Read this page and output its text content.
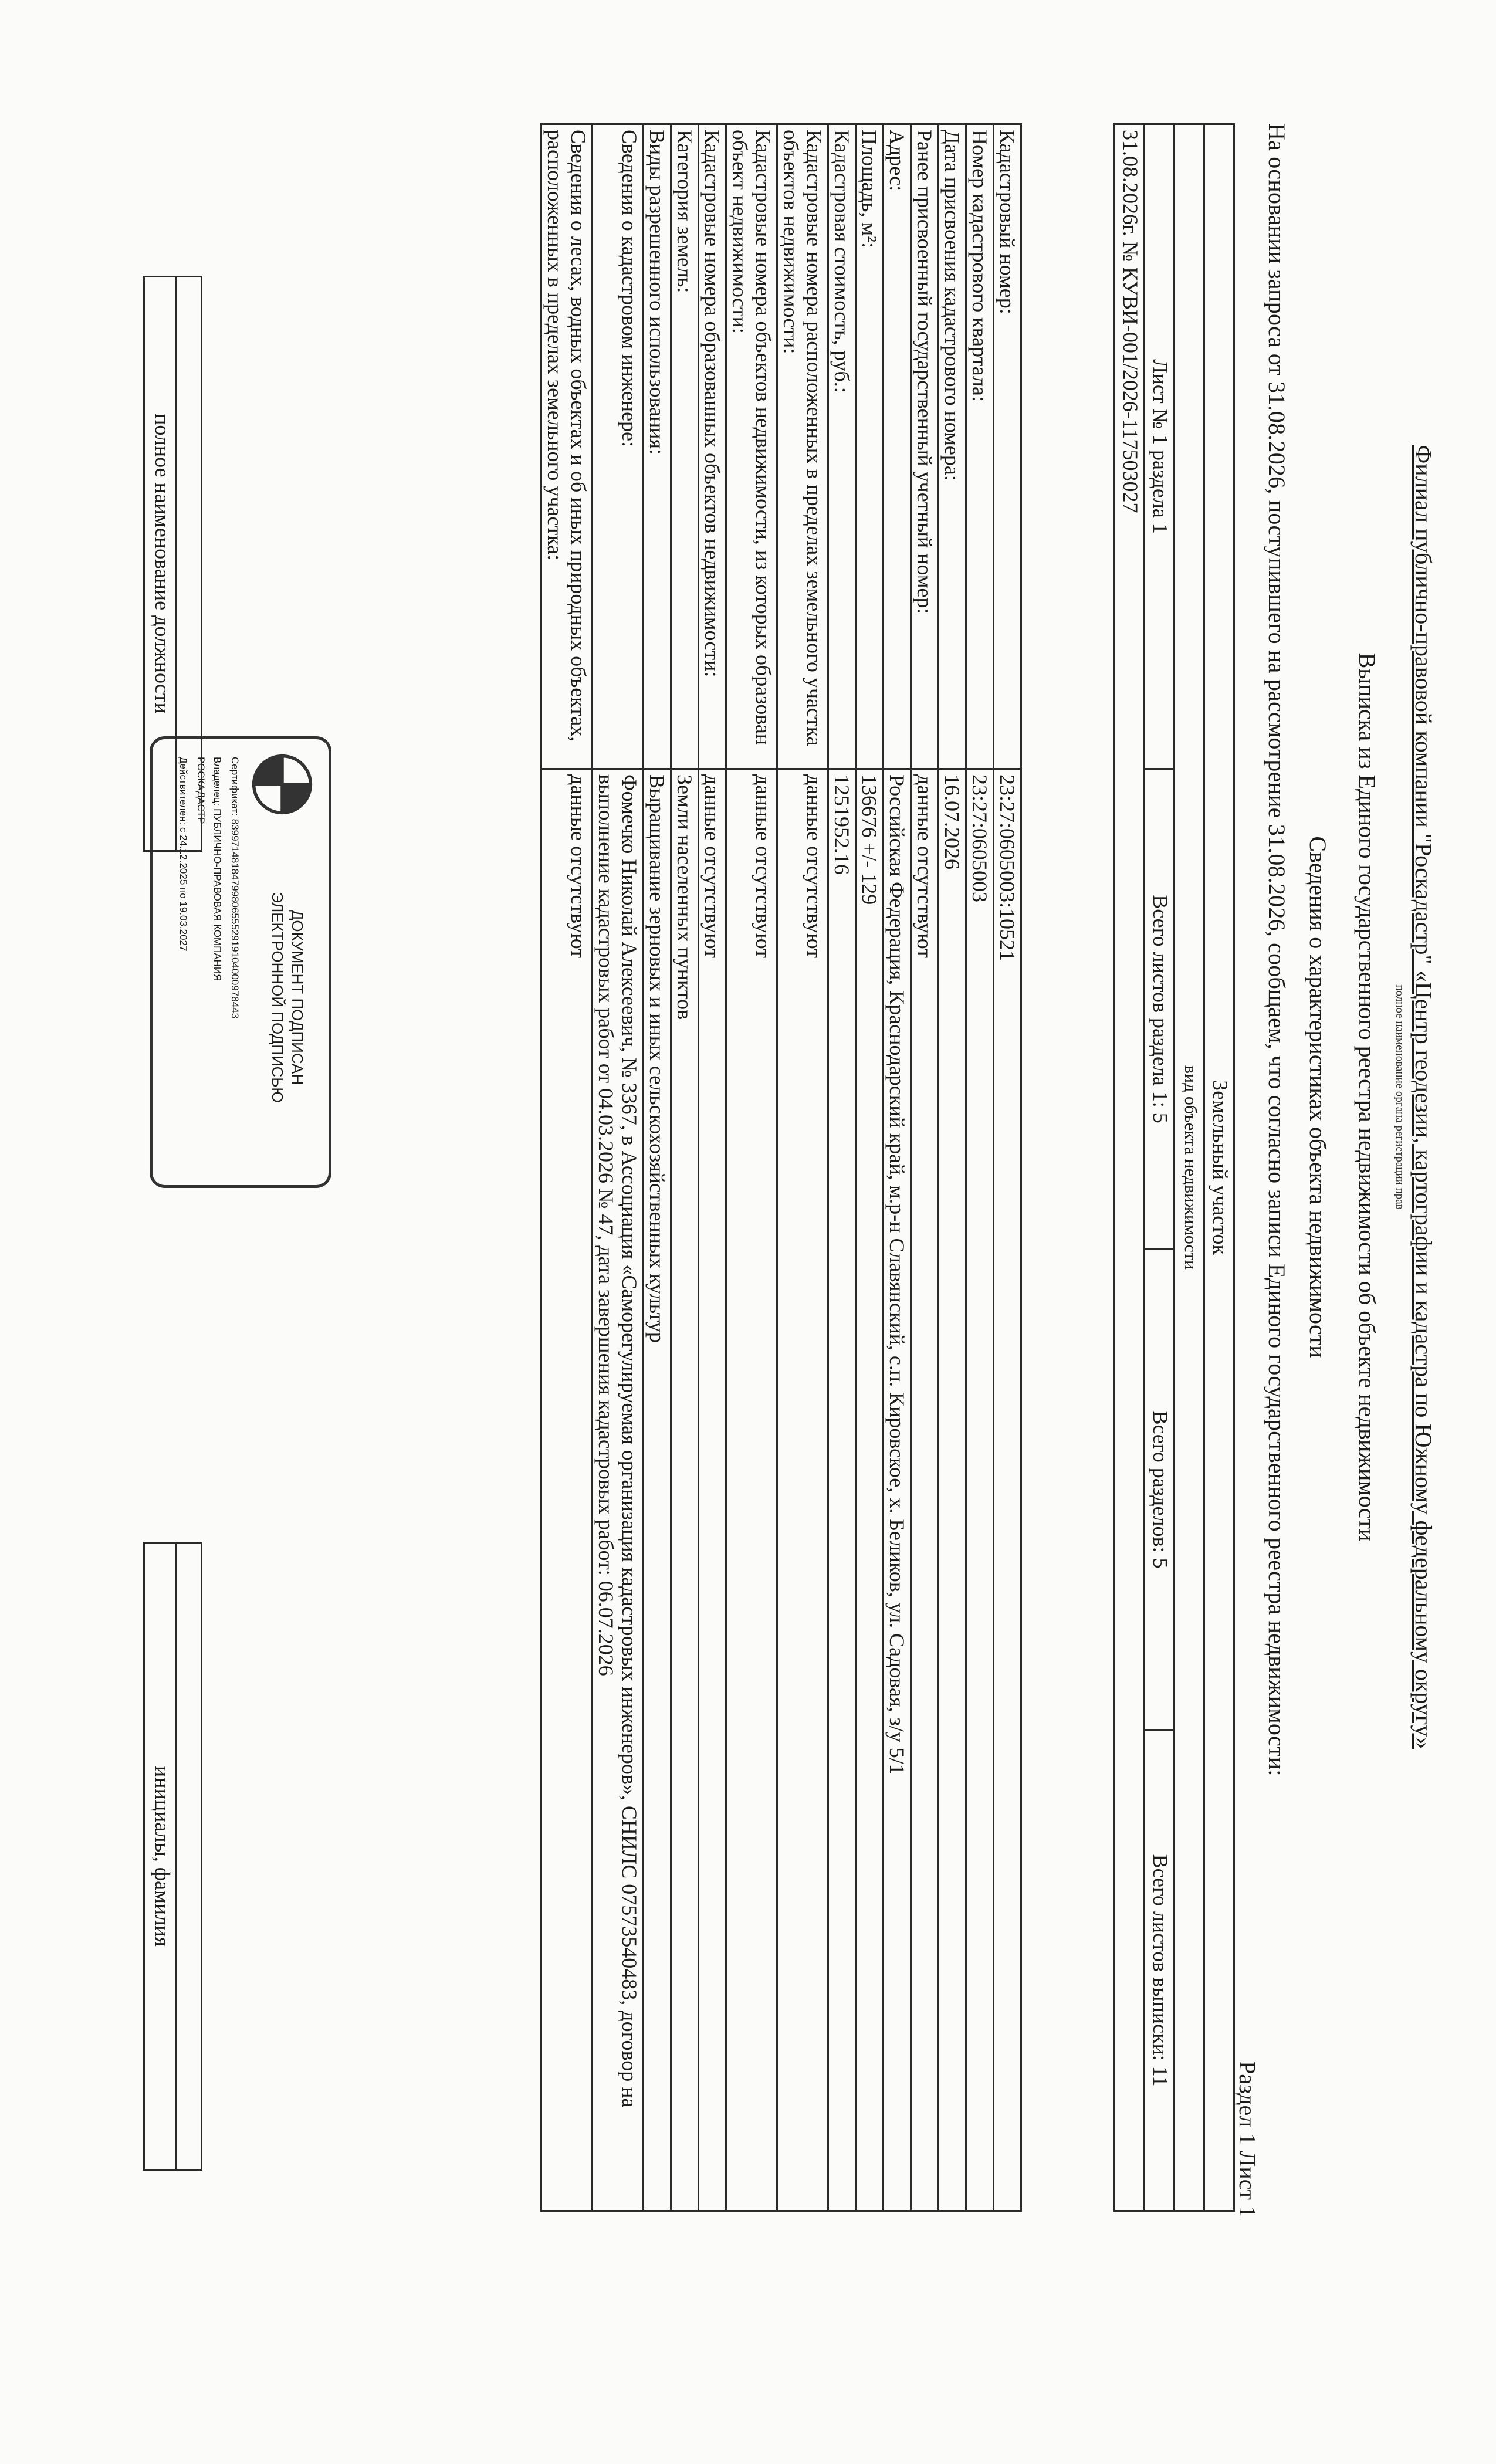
Филиал публично-правовой компании "Роскадастр" «Центр геодезии, картографии и кадастра по Южному федеральному округу»
полное наименование органа регистрации прав
Выписка из Единого государственного реестра недвижимости об объекте недвижимости
Сведения о характеристиках объекта недвижимости
На основании запроса от 31.08.2026, поступившего на рассмотрение 31.08.2026, сообщаем, что согласно записи Единого государственного реестра недвижимости:
Раздел 1 Лист 1
Земельный участок
вид объекта недвижимости
Лист № 1 раздела 1	Всего листов раздела 1: 5	Всего разделов: 5	Всего листов выписки: 11
31.08.2026г. № КУВИ-001/2026-117503027
Кадастровый номер:	23:27:0605003:10521
Номер кадастрового квартала:	23:27:0605003
Дата присвоения кадастрового номера:	16.07.2026
Ранее присвоенный государственный учетный номер:	данные отсутствуют
Адрес:	Российская Федерация, Краснодарский край, м.р-н Славянский, с.п. Кировское, х. Беликов, ул. Садовая, з/у 5/1
Площадь, м²:	136676 +/- 129
Кадастровая стоимость, руб.:	1251952.16
Кадастровые номера расположенных в пределах земельного участка объектов недвижимости:	данные отсутствуют
Кадастровые номера объектов недвижимости, из которых образован объект недвижимости:	данные отсутствуют
Кадастровые номера образованных объектов недвижимости:	данные отсутствуют
Категория земель:	Земли населенных пунктов
Виды разрешенного использования:	Выращивание зерновых и иных сельскохозяйственных культур
Сведения о кадастровом инженере:	Фомечко Николай Алексеевич, № 3367, в Ассоциация «Саморегулируемая организация кадастровых инженеров», СНИЛС 07573540483, договор на выполнение кадастровых работ от 04.03.2026 № 47, дата завершения кадастровых работ: 06.07.2026
Сведения о лесах, водных объектах и об иных природных объектах, расположенных в пределах земельного участка:	данные отсутствуют
ДОКУМЕНТ ПОДПИСАН
ЭЛЕКТРОННОЙ ПОДПИСЬЮ
Сертификат: 839971481847998065552919104000978443
Владелец: ПУБЛИЧНО-ПРАВОВАЯ КОМПАНИЯ
РОСКАДАСТР
Действителен: с 24.12.2025 по 19.03.2027

полное наименование должности		инициалы, фамилия
